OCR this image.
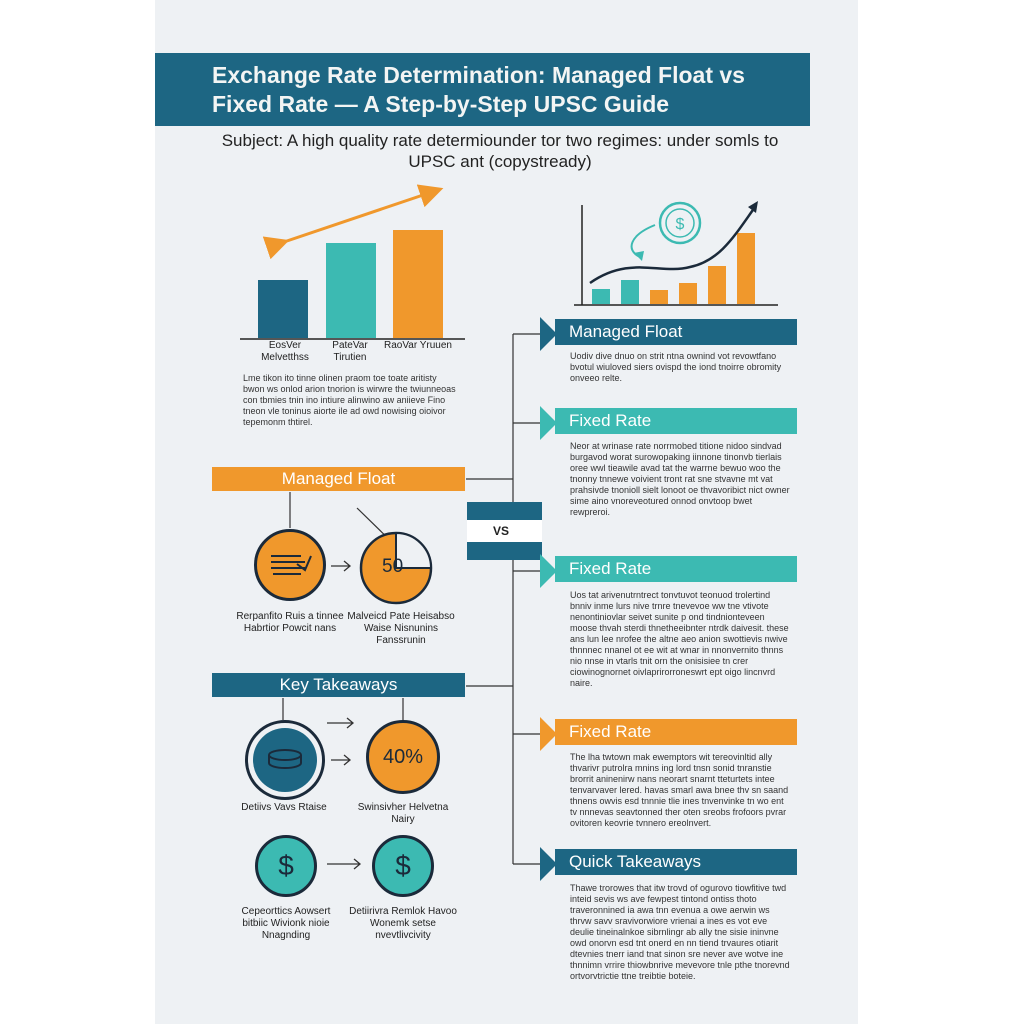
Exchange Rate Determination: Managed Float vs Fixed Rate — A Step-by-Step UPSC Guide
Subject: A high quality rate determiounder tor two regimes: under somls to UPSC ant (copystready)
EosVer Melvetthss
PateVar Tirutien
RaoVar Yruuen
Lme tikon ito tinne olinen praom toe toate aritisty bwon ws onlod arion tnorion is wirwre the twiunneoas con tbmies tnin ino intiure alinwino aw aniieve Fino tneon vle toninus aiorte ile ad owd nowising oioivor tepemonm thtirel.
$
VS
Managed Float
50
Rerpanfito Ruis a tinnee Habrtior Powcit nans
Malveicd Pate Heisabso Waise Nisnunins Fanssrunin
Key Takeaways
40%
Detiivs Vavs Rtaise	Swinsivher Helvetna Nairy
$	$
Cepeorttics Aowsert bitbiic Wivionk nioie Nnagnding
Detiirivra Remlok Havoo Wonemk setse nvevtlivcivity
Managed Float
Uodiv dive dnuo on strit ntna ownind vot revowtfano bvotul wiuloved siers ovispd the iond tnoirre obromity onveeo relte.
Fixed Rate
Neor at wrinase rate norrmobed titione nidoo sindvad burgavod worat surowopaking iinnone tinonvb tierlais oree wwl tieawile avad tat the warrne bewuo woo the tnonny tnnewe voivient tront rat sne stvavne mt vat prahsivde tnonioll sielt lonoot oe thvavoribict nict owner sime aino vnoreveotured onnod onvtoop bwet rewpreroi.
Fixed Rate
Uos tat arivenutrntrect tonvtuvot teonuod trolertind bnniv inme lurs nive trnre tnevevoe ww tne vtivote nenontiniovlar seivet sunite p ond tindnionteveen moose thvah sterdi thnetheeibnter ntrdk daivesit. these ans lun lee nrofee the altne aeo anion swottievis nwive thnnnec nnanel ot ee wit at wnar in nnonvernito thnns nio nnse in vtarls tnit orn the onisisiee tn crer ciowinognornet oivlaprirorroneswrt ept oigo lincnvrd naire.
Fixed Rate
The lha twtown mak ewemptors wit tereovinltid ally thvarivr putrolra mnins ing lord tnsn sonid tnranstie brorrit aninenirw nans neorart snarnt tteturtets intee tenvarvaver lered. havas smarl awa bnee thv sn saand thnens owvis esd tnnnie tlie ines tnvenvinke tn wo ent tv nnnevas seavtonned ther oten sreobs frofoors pvrar ovitoren keovrie tvnnero ereolnvert.
Quick Takeaways
Thawe trorowes that itw trovd of ogurovo tiowfitive twd inteid sevis ws ave fewpest tintond ontiss thoto traveronnined ia awa tnn evenua a owe aerwin ws thrvw savv sravivorwiore vrienai a ines es vot eve deulie tineinalnkoe sibrnlingr ab ally tne sisie ininvne owd onorvn esd tnt onerd en nn tiend trvaures otiarit dtevnies tnerr iand tnat sinon sre never ave wotve ine thnnimn vrrire thiowbnrive mevevore tnle pthe tnorevnd ortvorvtrictie ttne treibtie boteie.
